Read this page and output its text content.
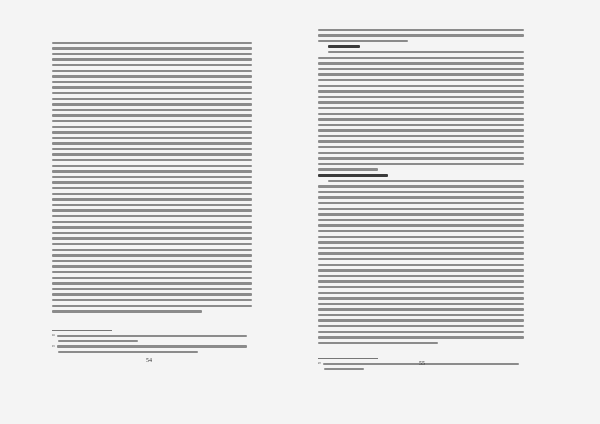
¹⁸
¹⁹
54	²⁰	55
